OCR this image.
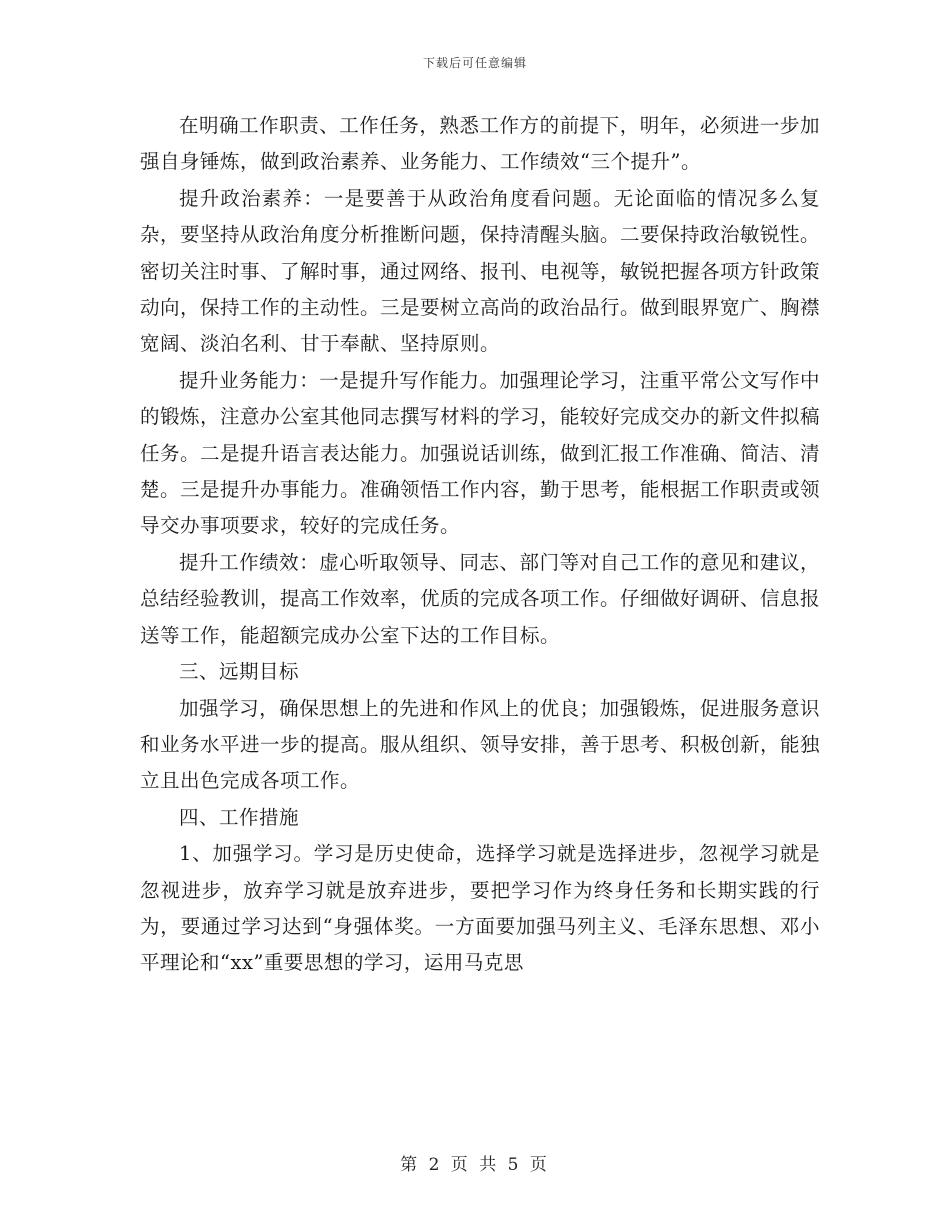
下载后可任意编辑

在明确工作职责、工作任务，熟悉工作方的前提下，明年，必须进一步加强自身锤炼，做到政治素养、业务能力、工作绩效“三个提升”。

提升政治素养：一是要善于从政治角度看问题。无论面临的情况多么复杂，要坚持从政治角度分析推断问题，保持清醒头脑。二要保持政治敏锐性。密切关注时事、了解时事，通过网络、报刊、电视等，敏锐把握各项方针政策动向，保持工作的主动性。三是要树立高尚的政治品行。做到眼界宽广、胸襟宽阔、淡泊名利、甘于奉献、坚持原则。

提升业务能力：一是提升写作能力。加强理论学习，注重平常公文写作中的锻炼，注意办公室其他同志撰写材料的学习，能较好完成交办的新文件拟稿任务。二是提升语言表达能力。加强说话训练，做到汇报工作准确、简洁、清楚。三是提升办事能力。准确领悟工作内容，勤于思考，能根据工作职责或领导交办事项要求，较好的完成任务。

提升工作绩效：虚心听取领导、同志、部门等对自己工作的意见和建议，总结经验教训，提高工作效率，优质的完成各项工作。仔细做好调研、信息报送等工作，能超额完成办公室下达的工作目标。

三、远期目标

加强学习，确保思想上的先进和作风上的优良；加强锻炼，促进服务意识和业务水平进一步的提高。服从组织、领导安排，善于思考、积极创新，能独立且出色完成各项工作。

四、工作措施

1、加强学习。学习是历史使命，选择学习就是选择进步，忽视学习就是忽视进步，放弃学习就是放弃进步，要把学习作为终身任务和长期实践的行为，要通过学习达到“身强体奖。一方面要加强马列主义、毛泽东思想、邓小平理论和“xx”重要思想的学习，运用马克思

第 2 页 共 5 页
